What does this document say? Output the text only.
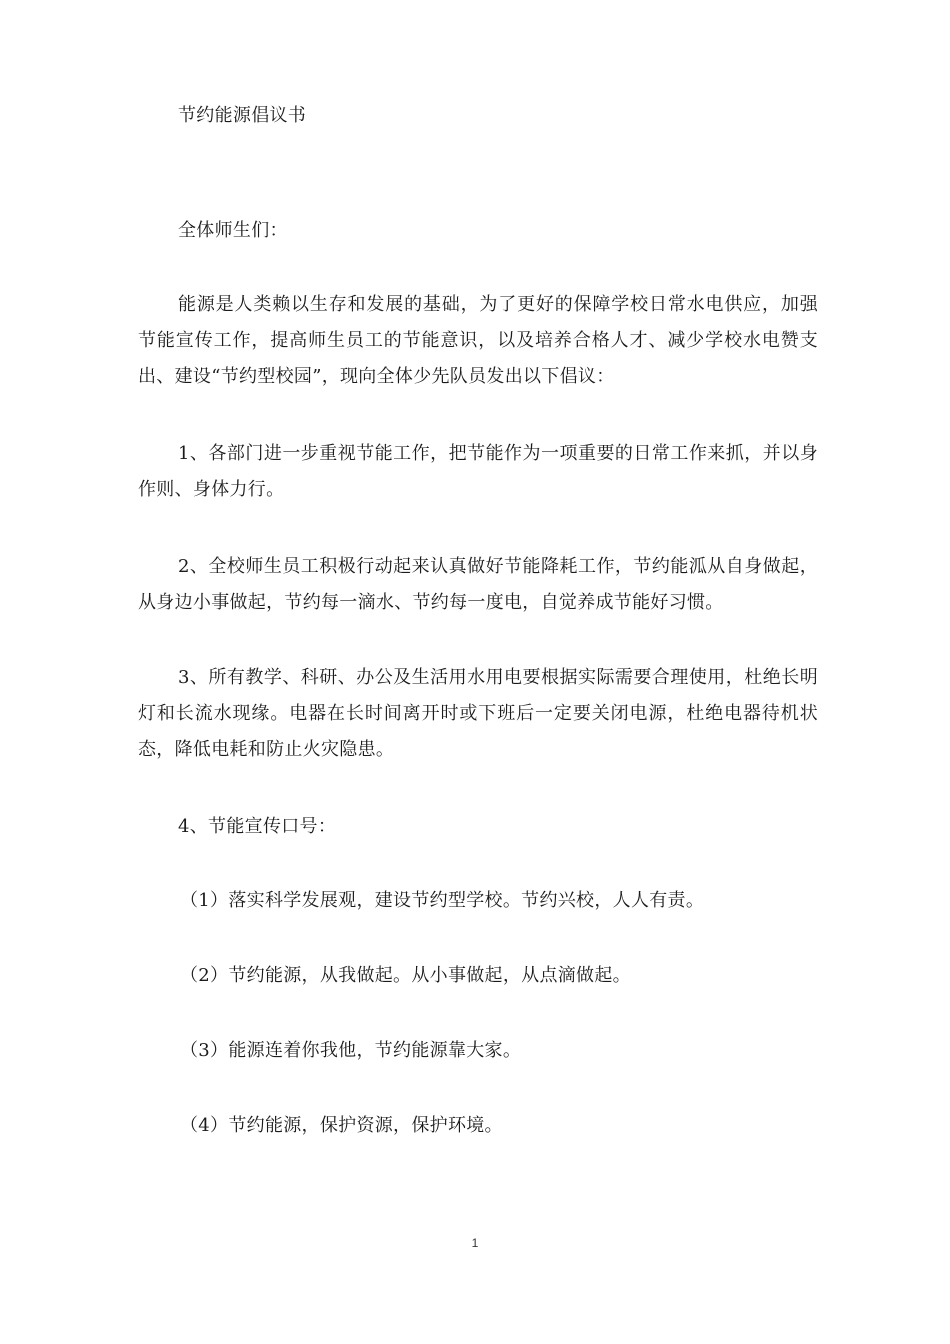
节约能源倡议书

全体师生们：

能源是人类赖以生存和发展的基础，为了更好的保障学校日常水电供应，加强节能宣传工作，提高师生员工的节能意识，以及培养合格人才、减少学校水电赞支出、建设“节约型校园”，现向全体少先队员发出以下倡议：

1、各部门进一步重视节能工作，把节能作为一项重要的日常工作来抓，并以身作则、身体力行。

2、全校师生员工积极行动起来认真做好节能降耗工作，节约能泒从自身做起，从身边小事做起，节约每一滴水、节约每一度电，自觉养成节能好习惯。

3、所有教学、科研、办公及生活用水用电要根据实际需要合理使用，杜绝长明灯和长流水现缘。电器在长时间离开时或下班后一定要关闭电源，杜绝电器待机状态，降低电耗和防止火灾隐患。

4、节能宣传口号：

（1）落实科学发展观，建设节约型学校。节约兴校，人人有责。

（2）节约能源，从我做起。从小事做起，从点滴做起。

（3）能源连着你我他，节约能源靠大家。

（4）节约能源，保护资源，保护环境。

1
